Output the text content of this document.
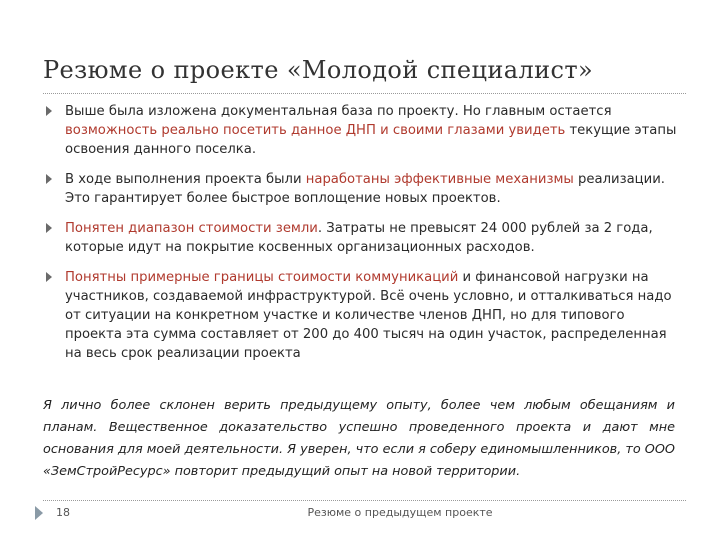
Резюме о проекте «Молодой специалист»
Выше была изложена документальная база по проекту. Но главным остается возможность реально посетить данное ДНП и своими глазами увидеть текущие этапы освоения данного поселка.
В ходе выполнения проекта были наработаны эффективные механизмы реализации. Это гарантирует более быстрое воплощение новых проектов.
Понятен диапазон стоимости земли. Затраты не превысят 24 000 рублей за 2 года, которые идут на покрытие косвенных организационных расходов.
Понятны примерные границы стоимости коммуникаций и финансовой нагрузки на участников, создаваемой инфраструктурой. Всё очень условно, и отталкиваться надо от ситуации на конкретном участке и количестве членов ДНП, но для типового проекта эта сумма составляет от 200 до 400 тысяч на один участок, распределенная на весь срок реализации проекта
Я лично более склонен верить предыдущему опыту, более чем любым обещаниям и планам. Вещественное доказательство успешно проведенного проекта и дают мне основания для моей деятельности. Я уверен, что если я соберу единомышленников, то ООО «ЗемСтройРесурс» повторит предыдущий опыт на новой территории.
18	Резюме о предыдущем проекте
